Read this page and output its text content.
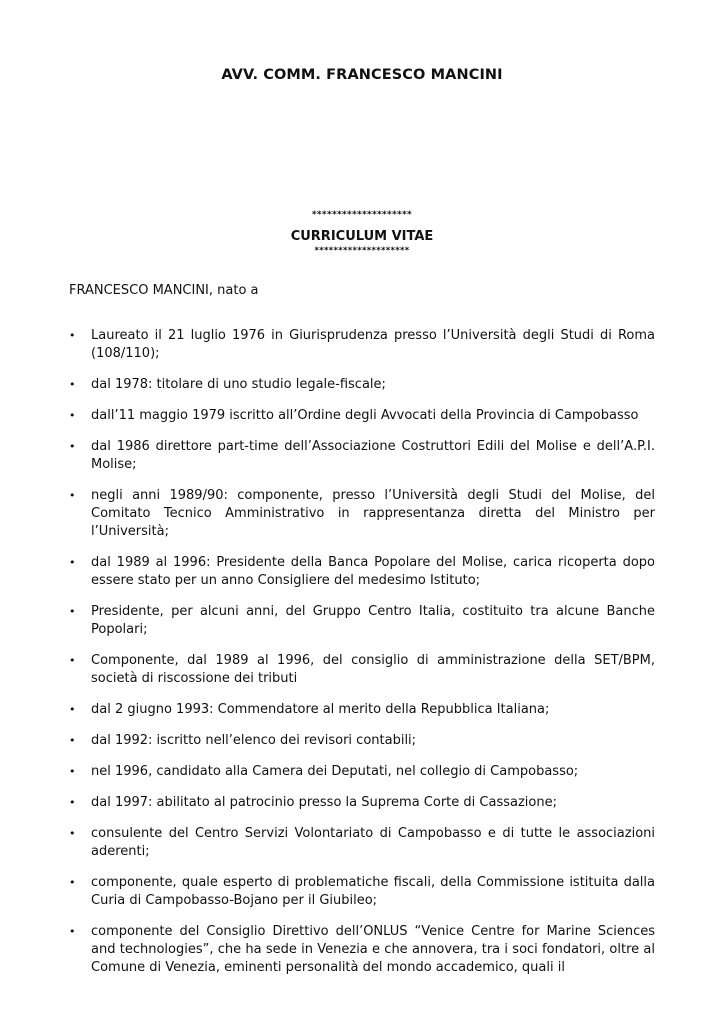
AVV. COMM. FRANCESCO MANCINI
********************
CURRICULUM VITAE
********************
FRANCESCO MANCINI, nato a
• Laureato il 21 luglio 1976 in Giurisprudenza presso l’Università degli Studi di Roma (108/110);
• dal 1978: titolare di uno studio legale-fiscale;
• dall’11 maggio 1979 iscritto all’Ordine degli Avvocati della Provincia di Campobasso
• dal 1986 direttore part-time dell’Associazione Costruttori Edili del Molise e dell’A.P.I. Molise;
• negli anni 1989/90: componente, presso l’Università degli Studi del Molise, del Comitato Tecnico Amministrativo in rappresentanza diretta del Ministro per l’Università;
• dal 1989 al 1996: Presidente della Banca Popolare del Molise, carica ricoperta dopo essere stato per un anno Consigliere del medesimo Istituto;
• Presidente, per alcuni anni, del Gruppo Centro Italia, costituito tra alcune Banche Popolari;
• Componente, dal 1989 al 1996, del consiglio di amministrazione della SET/BPM, società di riscossione dei tributi
• dal 2 giugno 1993: Commendatore al merito della Repubblica Italiana;
• dal 1992: iscritto nell’elenco dei revisori contabili;
• nel 1996, candidato alla Camera dei Deputati, nel collegio di Campobasso;
• dal 1997: abilitato al patrocinio presso la Suprema Corte di Cassazione;
• consulente del Centro Servizi Volontariato di Campobasso e di tutte le associazioni aderenti;
• componente, quale esperto di problematiche fiscali, della Commissione istituita dalla Curia di Campobasso-Bojano per il Giubileo;
• componente del Consiglio Direttivo dell’ONLUS “Venice Centre for Marine Sciences and technologies”, che ha sede in Venezia e che annovera, tra i soci fondatori, oltre al Comune di Venezia, eminenti personalità del mondo accademico, quali il
